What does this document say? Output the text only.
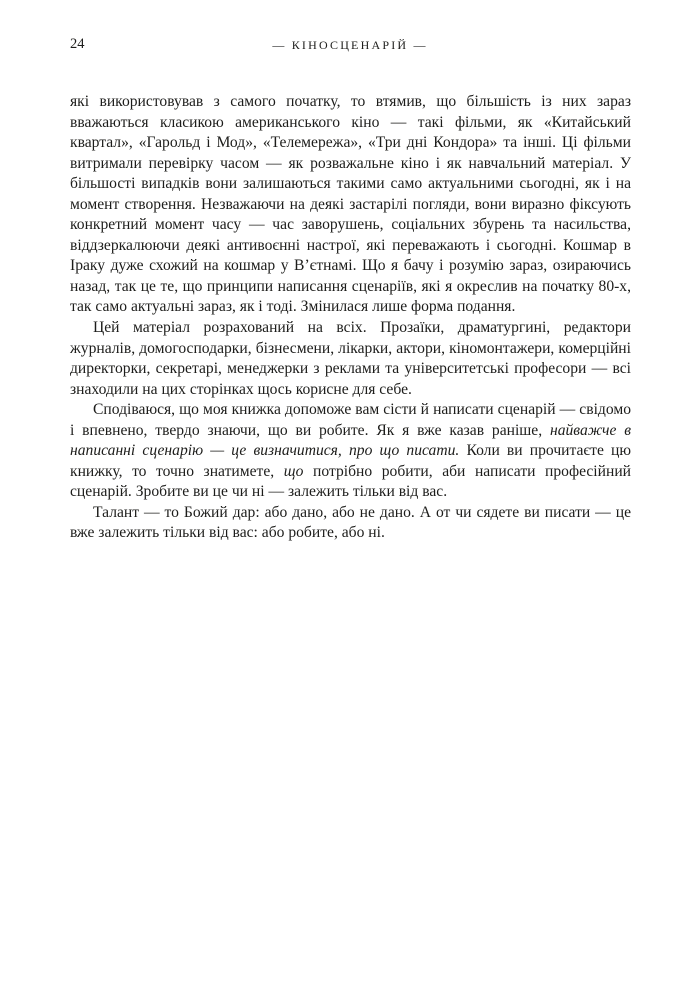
24	— КІНОСЦЕНАРІЙ —

які використовував з самого початку, то втямив, що більшість із них зараз вважаються класикою американського кіно — такі фільми, як «Китайський квартал», «Гарольд і Мод», «Телемережа», «Три дні Кондора» та інші. Ці фільми витримали перевірку часом — як розважальне кіно і як навчальний матеріал. У більшості випадків вони залишаються такими само актуальними сьогодні, як і на момент створення. Незважаючи на деякі застарілі погляди, вони виразно фіксують конкретний момент часу — час заворушень, соціальних збурень та насильства, віддзеркалюючи деякі антивоєнні настрої, які переважають і сьогодні. Кошмар в Іраку дуже схожий на кошмар у В’єтнамі. Що я бачу і розумію зараз, озираючись назад, так це те, що принципи написання сценаріїв, які я окреслив на початку 80-х, так само актуальні зараз, як і тоді. Змінилася лише форма подання.

Цей матеріал розрахований на всіх. Прозаїки, драматургині, редактори журналів, домогосподарки, бізнесмени, лікарки, актори, кіномонтажери, комерційні директорки, секретарі, менеджерки з реклами та університетські професори — всі знаходили на цих сторінках щось корисне для себе.

Сподіваюся, що моя книжка допоможе вам сісти й написати сценарій — свідомо і впевнено, твердо знаючи, що ви робите. Як я вже казав раніше, найважче в написанні сценарію — це визначитися, про що писати. Коли ви прочитаєте цю книжку, то точно знатимете, що потрібно робити, аби написати професійний сценарій. Зробите ви це чи ні — залежить тільки від вас.

Талант — то Божий дар: або дано, або не дано. А от чи сядете ви писати — це вже залежить тільки від вас: або робите, або ні.
